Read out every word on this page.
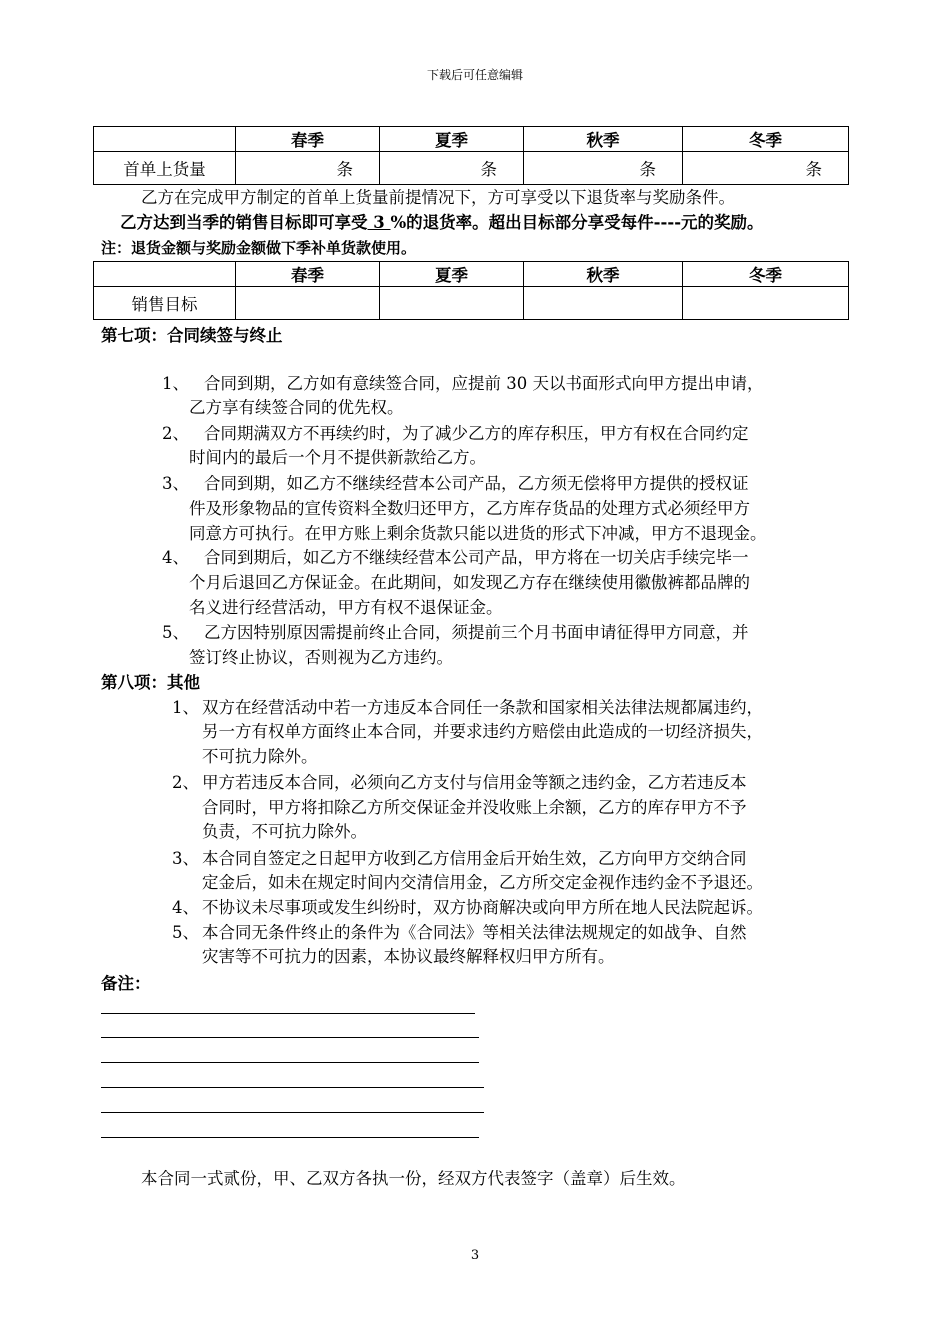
下载后可任意编辑
	春季	夏季	秋季	冬季
首单上货量	条	条	条	条
乙方在完成甲方制定的首单上货量前提情况下，方可享受以下退货率与奖励条件。
乙方达到当季的销售目标即可享受 3 %的退货率。超出目标部分享受每件----元的奖励。
注：退货金额与奖励金额做下季补单货款使用。
	春季	夏季	秋季	冬季
销售目标				
第七项：合同续签与终止
1、 合同到期，乙方如有意续签合同，应提前 30 天以书面形式向甲方提出申请，
乙方享有续签合同的优先权。
2、 合同期满双方不再续约时，为了减少乙方的库存积压，甲方有权在合同约定
时间内的最后一个月不提供新款给乙方。
3、 合同到期，如乙方不继续经营本公司产品，乙方须无偿将甲方提供的授权证
件及形象物品的宣传资料全数归还甲方，乙方库存货品的处理方式必须经甲方
同意方可执行。在甲方账上剩余货款只能以进货的形式下冲减，甲方不退现金。
4、 合同到期后，如乙方不继续经营本公司产品，甲方将在一切关店手续完毕一
个月后退回乙方保证金。在此期间，如发现乙方存在继续使用徽傲裤都品牌的
名义进行经营活动，甲方有权不退保证金。
5、 乙方因特别原因需提前终止合同，须提前三个月书面申请征得甲方同意，并
签订终止协议，否则视为乙方违约。
第八项：其他
1、 双方在经营活动中若一方违反本合同任一条款和国家相关法律法规都属违约，
另一方有权单方面终止本合同，并要求违约方赔偿由此造成的一切经济损失，
不可抗力除外。
2、 甲方若违反本合同，必须向乙方支付与信用金等额之违约金，乙方若违反本
合同时，甲方将扣除乙方所交保证金并没收账上余额，乙方的库存甲方不予
负责，不可抗力除外。
3、 本合同自签定之日起甲方收到乙方信用金后开始生效，乙方向甲方交纳合同
定金后，如未在规定时间内交清信用金，乙方所交定金视作违约金不予退还。
4、 不协议未尽事项或发生纠纷时，双方协商解决或向甲方所在地人民法院起诉。
5、 本合同无条件终止的条件为《合同法》等相关法律法规规定的如战争、自然
灾害等不可抗力的因素，本协议最终解释权归甲方所有。
备注：
本合同一式贰份，甲、乙双方各执一份，经双方代表签字（盖章）后生效。
3
